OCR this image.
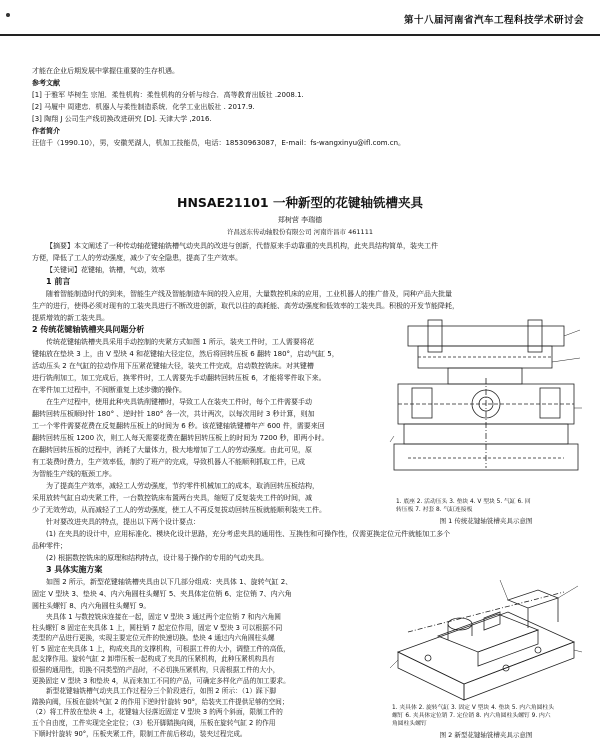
第十八届河南省汽车工程科技学术研讨会
才能在企业后期发展中掌握住重要的生存机遇。
参考文献
[1] 于雅军 毕树生 宗旭．柔性机构：柔性机构的分析与综合．高等教育出版社 .2008.1.
[2] 马履中 周建忠．机器人与柔性制造系统．化学工业出版社 . 2017.9.
[3] 陶翔 J 公司生产线切换改进研究 [D]. 天津大学 ,2016.
作者简介
汪信千（1990.10），男，安徽芜湖人，机加工技能员，电话：18530963087，E-mail：fs-wangxinyu@ifl.com.cn。
HNSAE21101 一种新型的花键轴铣槽夹具
郑树营 李瑞德
许昌远东传动轴股份有限公司 河南许昌市 461111

【摘要】本文阐述了一种传动轴花键轴铣槽气动夹具的改进与创新，代替原来手动靠重的夹具机构，此夹具结构简单，装夹工件

方便，降低了工人的劳动强度，减少了安全隐患，提高了生产效率。

【关键词】花键轴，铣槽，气动，效率

1 前言

随着智能制造时代的到来，智能生产线及智能制造车间的投入应用，大量数控机床的应用，工业机器人的推广普及，同种产品大批量

生产的进行，使得必须对现有的工装夹具进行不断改进创新，取代以往的高耗能、高劳动强度和低效率的工装夹具。积极的开发节能降耗，

提质增效的新工装夹具。

2 传统花键轴铣槽夹具问题分析

传统花键轴铣槽夹具采用手动控制的夹紧方式如图 1 所示，装夹工件时，工人需要将花

键轴放在垫块 3 上，由 V 型块 4 和花键轴大径定位，然后将回转压板 6 翻转 180°，启动气缸 5，

活动压头 2 在气缸的拉动作用下压紧花键轴大径，装夹工件完成，启动数控铣床。对其键槽

进行铣削加工，加工完成后，换零件时，工人需要先手动翻转回转压板 6，才能将零件取下来。

在零件加工过程中，不间断重复上述步骤的操作。

在生产过程中，使用此种夹具铣削键槽时，导致工人在装夹工件时，每个工件需要手动

翻转回转压板顺时针 180° 、逆时针 180° 各一次，共计两次，以每次用时 3 秒计算，则加

工一个零件需要花费在反复翻转压板上的时间为 6 秒。该花键轴铣键槽年产 600 件，需要来回

翻转回转压板 1200 次，则工人每天需要花费在翻转回转压板上的时间为 7200 秒，即两小时。

在翻转回转压板的过程中，消耗了大量体力，极大地增加了工人的劳动强度。由此可见，原

有工装费时费力，生产效率低，制约了班产的完成，导致机器人不能顺利抓取工件，已成

为智能生产线的瓶颈工序。

为了提高生产效率，减轻工人劳动强度，节约零件机械加工的成本，取消回转压板结构，

采用放转气缸自动夹紧工件，一台数控铣床布置两台夹具，缩短了反复装夹工件的时间，减

少了无效劳动，从而减轻了工人的劳动强度，使工人不再反复拔动回转压板就能顺利装夹工件。

针对要改进夹具的特点，提出以下两个设计要点：

(1) 在夹具的设计中，应用标准化、模块化设计思路，充分考虑夹具的通用性、互换性和可操作性，仅需更换定位元件就能加工多个

品种零件；

(2) 根据数控铣床的原理和结构特点，设计易于操作的专用的气动夹具。

3 具体实施方案

如图 2 所示，新型花键轴铣槽夹具由以下几部分组成：夹具体 1、旋转气缸 2、

固定 V 型块 3、垫块 4、内六角圆柱头螺钉 5、夹具体定位销 6、定位销 7、内六角

圆柱头螺钉 8、内六角圆柱头螺钉 9。

夹具体 1 与数控铣床连接在一起，固定 V 型块 3 通过两个定位销 7 和内六角圆

柱头螺钉 8 固定在夹具体 1 上，圆柱销 7 起定位作用，固定 V 型块 3 可以根据不同

类型的产品进行更换，实现主要定位元件的快速切换。垫块 4 通过内六角圆柱头螺

钉 5 固定在夹具体 1 上，构成夹具的支撑机构，可根据工件的大小，调整工件的高低，

起支撑作用。旋转气缸 2 卸带压板一起构成了夹具的压紧机构，此种压紧机构具有

很强的通用性，切换不同类型的产品时，不必切换压紧机构，只需根据工件的大小，

更换固定 V 型块 3 和垫块 4，从而来加工不同的产品，可确定多样化产品的加工要求。

新型花键轴铣槽气动夹具工作过程分三个阶段进行，如图 2 所示：（1）踩下脚

踏换向阀，压板在旋转气缸 2 的作用下逆时针旋转 90°，给装夹工件提供足够的空间；

（2）将工件放在垫块 4 上，花键轴大径落近固定 V 型块 3 的两个斜面，限制工件的

五个自由度，工件实现完全定位；（3）松开脚踏换向阀，压板在旋转气缸 2 的作用

下顺时针旋转 90°，压板夹紧工件，限制工件前后移动，装夹过程完成。

1. 底座 2. 活动压头 3. 垫块 4. V 型块 5. 气缸 6. 回
转压板 7. 衬套 8. 气缸连接板
图 1 传统花键轴铣槽夹具示意图
1. 夹具体 2. 旋转气缸 3. 固定 V 型块 4. 垫块 5. 内六角圆柱头
螺钉 6. 夹具体定位销 7. 定位销 8. 内六角圆柱头螺钉 9. 内六
角圆柱头螺钉
图 2 新型花键轴铣槽夹具示意图
